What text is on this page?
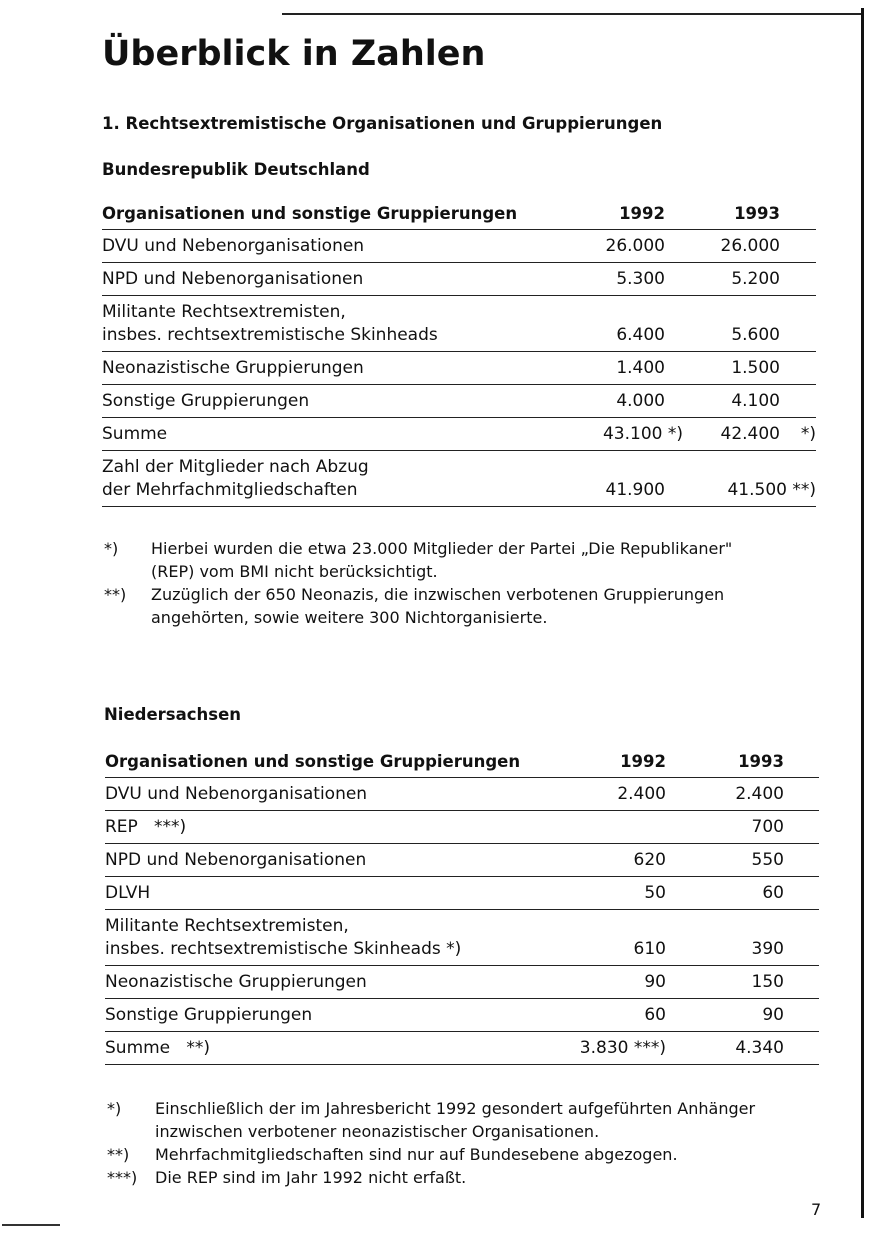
Überblick in Zahlen

1. Rechtsextremistische Organisationen und Gruppierungen

Bundesrepublik Deutschland

Organisationen und sonstige Gruppierungen	1992	1993
DVU und Nebenorganisationen	26.000	26.000
NPD und Nebenorganisationen	5.300	5.200

Militante Rechtsextremisten,
insbes. rechtsextremistische Skinheads	6.400	5.600
Neonazistische Gruppierungen	1.400	1.500
Sonstige Gruppierungen	4.000	4.100
Summe	43.100 *)	42.400 *)

Zahl der Mitglieder nach Abzug
der Mehrfachmitgliedschaften	41.900	41.500 **)
*)	Hierbei wurden die etwa 23.000 Mitglieder der Partei „Die Republikaner"
(REP) vom BMI nicht berücksichtigt.
**)	Zuzüglich der 650 Neonazis, die inzwischen verbotenen Gruppierungen
angehörten, sowie weitere 300 Nichtorganisierte.

Niedersachsen

Organisationen und sonstige Gruppierungen	1992	1993
DVU und Nebenorganisationen	2.400	2.400
REP   ***)		700
NPD und Nebenorganisationen	620	550
DLVH	50	60

Militante Rechtsextremisten,
insbes. rechtsextremistische Skinheads *)	610	390
Neonazistische Gruppierungen	90	150
Sonstige Gruppierungen	60	90
Summe   **)	3.830 ***)	4.340
*)	Einschließlich der im Jahresbericht 1992 gesondert aufgeführten Anhänger
inzwischen verbotener neonazistischer Organisationen.
**)	Mehrfachmitgliedschaften sind nur auf Bundesebene abgezogen.
***)	Die REP sind im Jahr 1992 nicht erfaßt.
7
